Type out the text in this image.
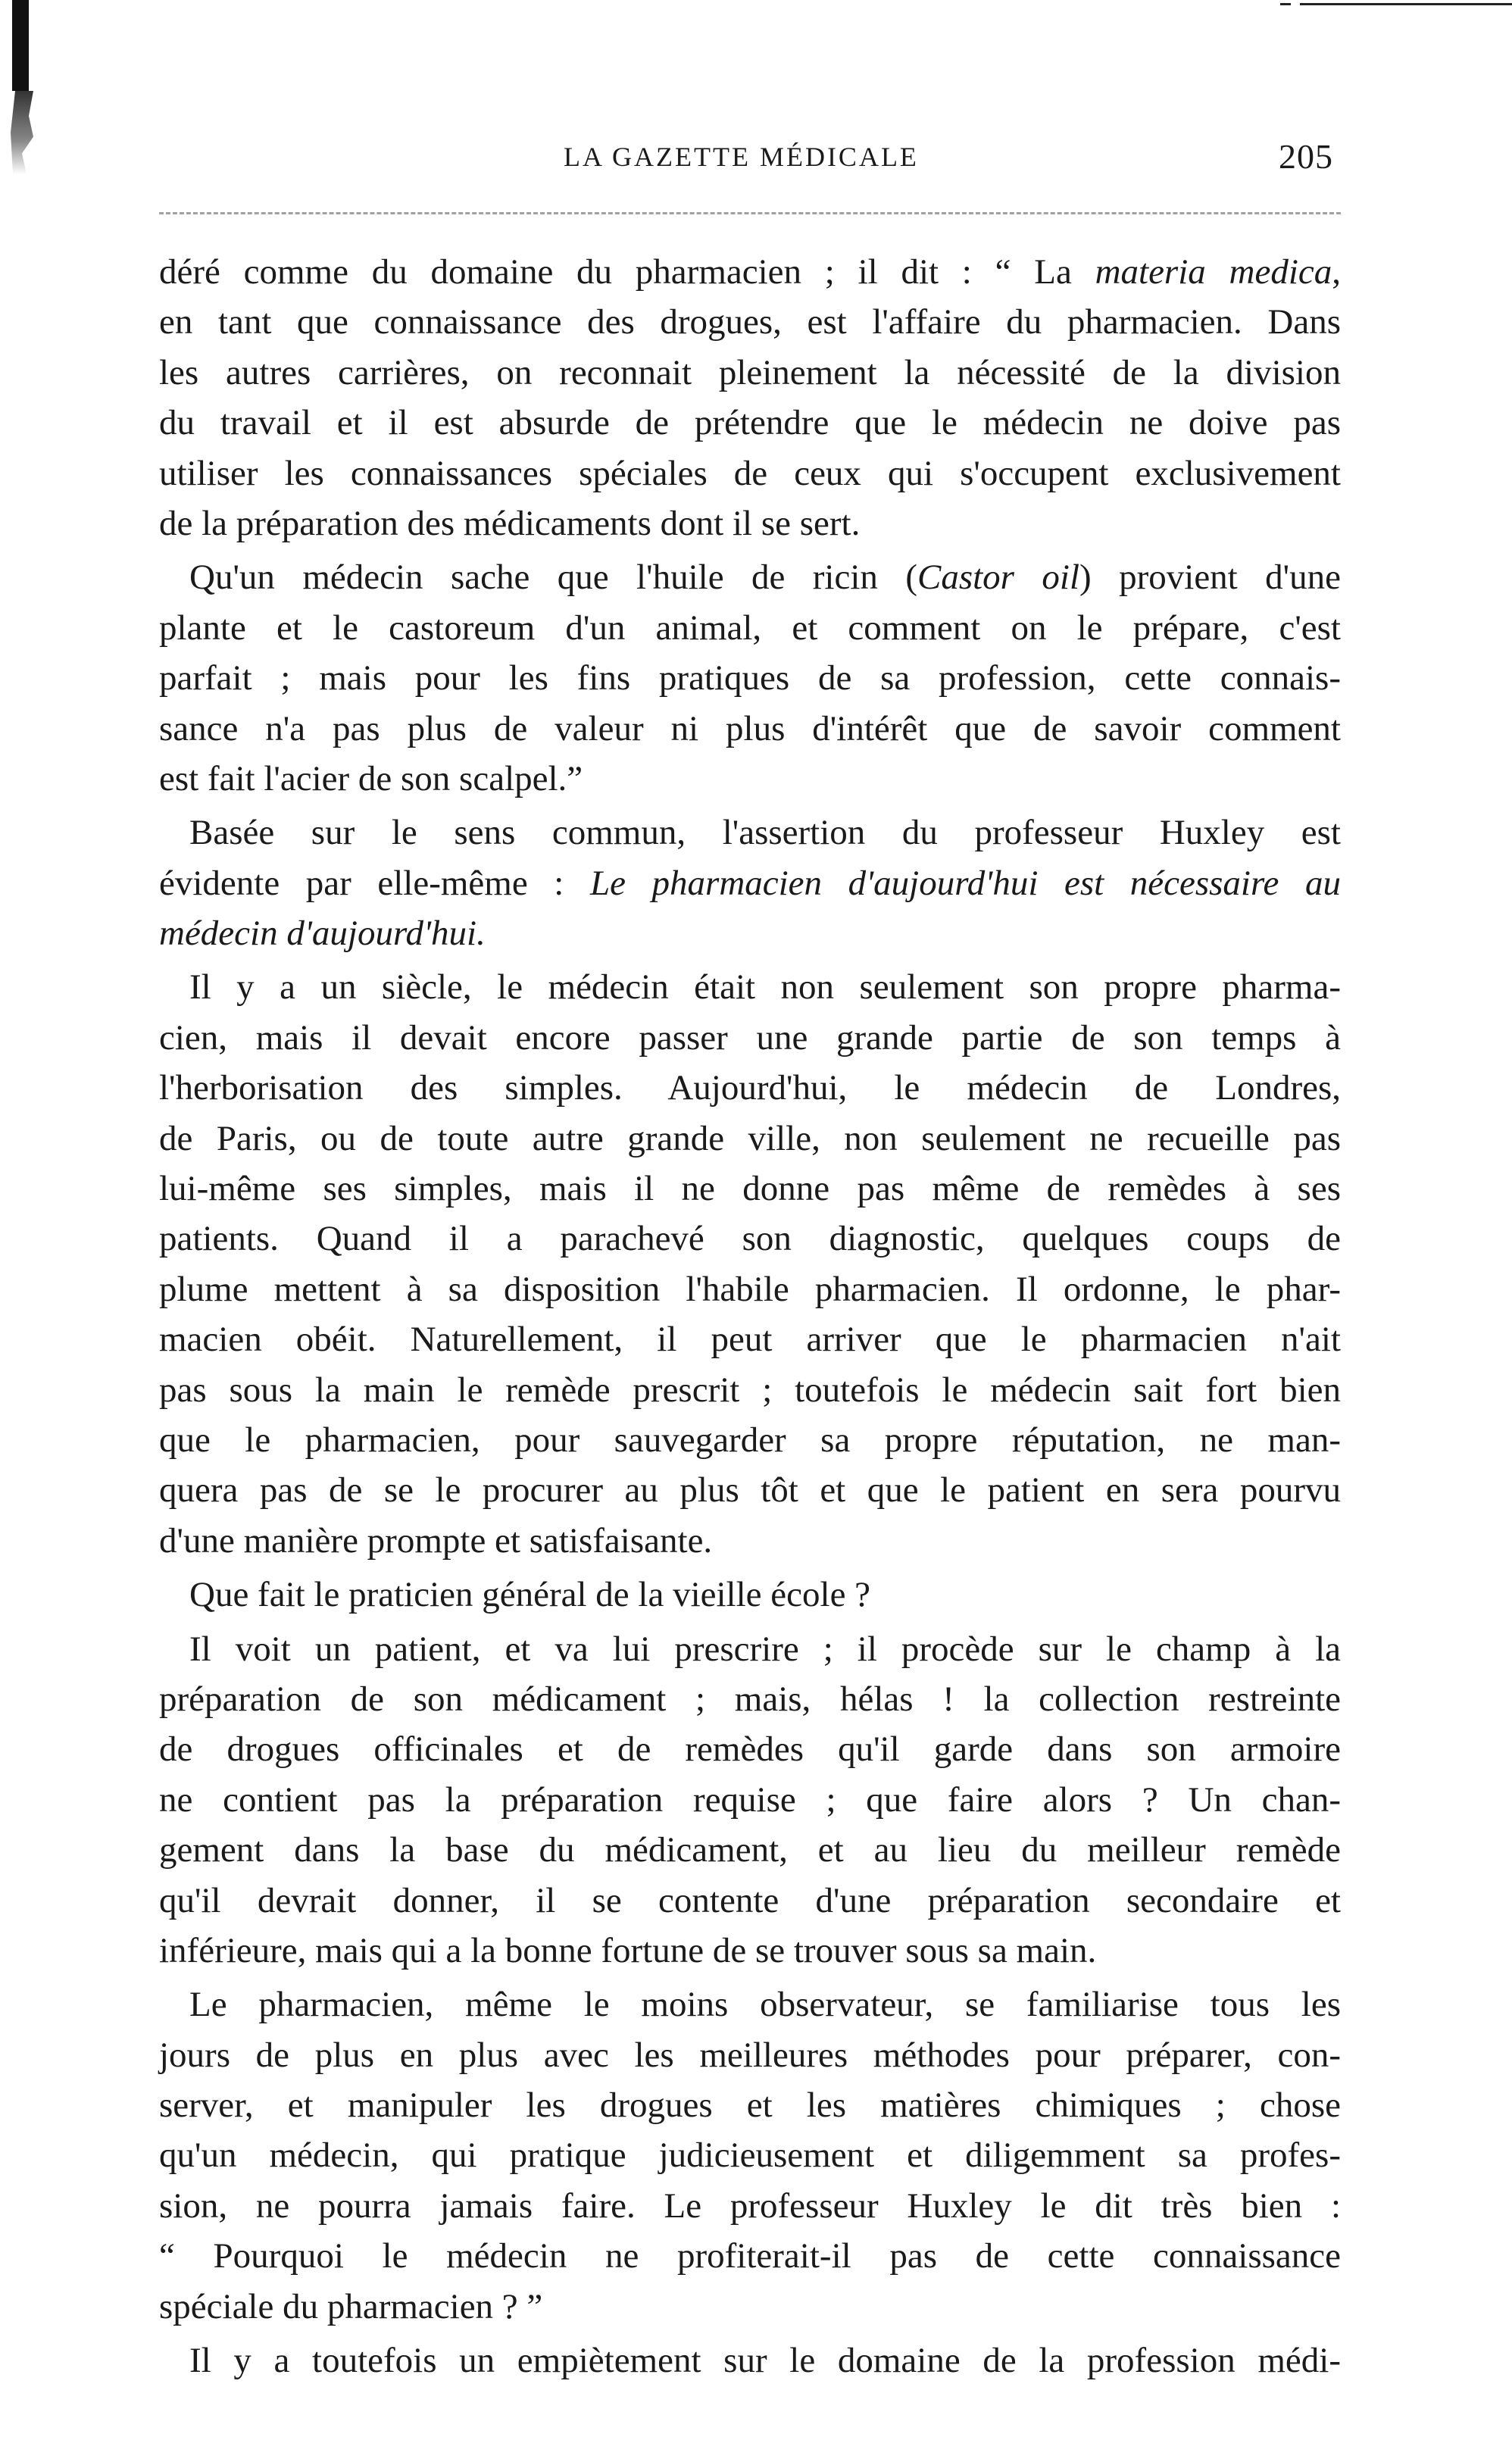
LA GAZETTE MÉDICALE	205
déré comme du domaine du pharmacien ; il dit : “ La materia medica,
en tant que connaissance des drogues, est l'affaire du pharmacien. Dans
les autres carrières, on reconnait pleinement la nécessité de la division
du travail et il est absurde de prétendre que le médecin ne doive pas
utiliser les connaissances spéciales de ceux qui s'occupent exclusivement
de la préparation des médicaments dont il se sert.
Qu'un médecin sache que l'huile de ricin (Castor oil) provient d'une
plante et le castoreum d'un animal, et comment on le prépare, c'est
parfait ; mais pour les fins pratiques de sa profession, cette connais-
sance n'a pas plus de valeur ni plus d'intérêt que de savoir comment
est fait l'acier de son scalpel.”
Basée sur le sens commun, l'assertion du professeur Huxley est
évidente par elle-même : Le pharmacien d'aujourd'hui est nécessaire au
médecin d'aujourd'hui.
Il y a un siècle, le médecin était non seulement son propre pharma-
cien, mais il devait encore passer une grande partie de son temps à
l'herborisation des simples. Aujourd'hui, le médecin de Londres,
de Paris, ou de toute autre grande ville, non seulement ne recueille pas
lui-même ses simples, mais il ne donne pas même de remèdes à ses
patients. Quand il a parachevé son diagnostic, quelques coups de
plume mettent à sa disposition l'habile pharmacien. Il ordonne, le phar-
macien obéit. Naturellement, il peut arriver que le pharmacien n'ait
pas sous la main le remède prescrit ; toutefois le médecin sait fort bien
que le pharmacien, pour sauvegarder sa propre réputation, ne man-
quera pas de se le procurer au plus tôt et que le patient en sera pourvu
d'une manière prompte et satisfaisante.
Que fait le praticien général de la vieille école ?
Il voit un patient, et va lui prescrire ; il procède sur le champ à la
préparation de son médicament ; mais, hélas ! la collection restreinte
de drogues officinales et de remèdes qu'il garde dans son armoire
ne contient pas la préparation requise ; que faire alors ? Un chan-
gement dans la base du médicament, et au lieu du meilleur remède
qu'il devrait donner, il se contente d'une préparation secondaire et
inférieure, mais qui a la bonne fortune de se trouver sous sa main.
Le pharmacien, même le moins observateur, se familiarise tous les
jours de plus en plus avec les meilleures méthodes pour préparer, con-
server, et manipuler les drogues et les matières chimiques ; chose
qu'un médecin, qui pratique judicieusement et diligemment sa profes-
sion, ne pourra jamais faire. Le professeur Huxley le dit très bien :
“ Pourquoi le médecin ne profiterait-il pas de cette connaissance
spéciale du pharmacien ? ”
Il y a toutefois un empiètement sur le domaine de la profession médi-
